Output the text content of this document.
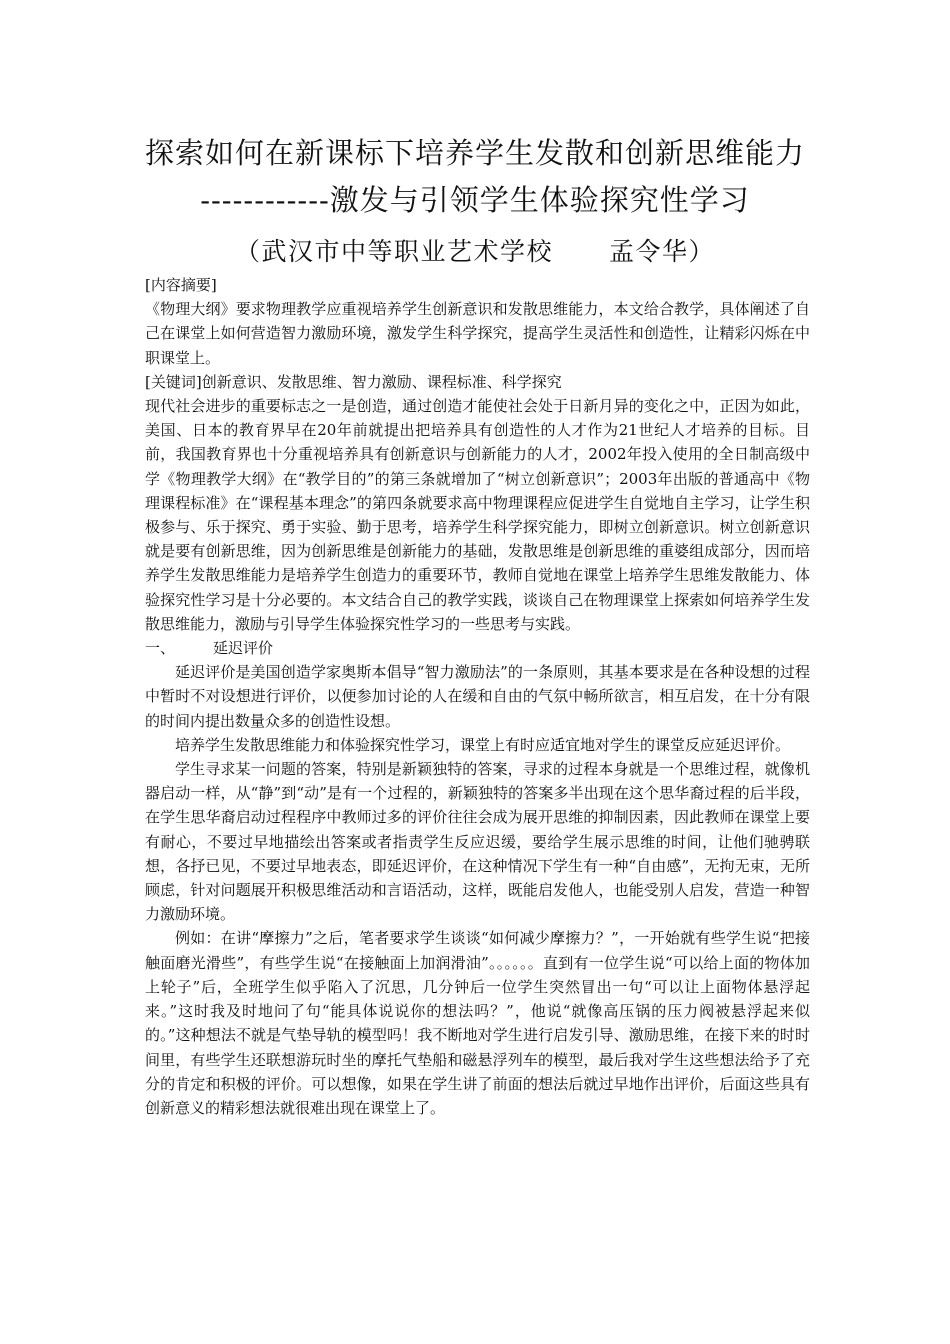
探索如何在新课标下培养学生发散和创新思维能力
------------激发与引领学生体验探究性学习
（武汉市中等职业艺术学校 孟令华）

[内容摘要]

《物理大纲》要求物理教学应重视培养学生创新意识和发散思维能力，本文给合教学，具体阐述了自己在课堂上如何营造智力激励环境，激发学生科学探究，提高学生灵活性和创造性，让精彩闪烁在中职课堂上。

[关键词]创新意识、发散思维、智力激励、课程标准、科学探究

现代社会进步的重要标志之一是创造，通过创造才能使社会处于日新月异的变化之中，正因为如此，美国、日本的教育界早在20年前就提出把培养具有创造性的人才作为21世纪人才培养的目标。目前，我国教育界也十分重视培养具有创新意识与创新能力的人才，2002年投入使用的全日制高级中学《物理教学大纲》在“教学目的”的第三条就增加了“树立创新意识”；2003年出版的普通高中《物理课程标准》在“课程基本理念”的第四条就要求高中物理课程应促进学生自觉地自主学习，让学生积极参与、乐于探究、勇于实验、勤于思考，培养学生科学探究能力，即树立创新意识。树立创新意识就是要有创新思维，因为创新思维是创新能力的基础，发散思维是创新思维的重婆组成部分，因而培养学生发散思维能力是培养学生创造力的重要环节，教师自觉地在课堂上培养学生思维发散能力、体验探究性学习是十分必要的。本文结合自己的教学实践，谈谈自己在物理课堂上探索如何培养学生发散思维能力，激励与引导学生体验探究性学习的一些思考与实践。

一、	延迟评价

延迟评价是美国创造学家奥斯本倡导“智力激励法”的一条原则，其基本要求是在各种设想的过程中暂时不对设想进行评价，以便参加讨论的人在缓和自由的气氛中畅所欲言，相互启发，在十分有限的时间内提出数量众多的创造性设想。

培养学生发散思维能力和体验探究性学习，课堂上有时应适宜地对学生的课堂反应延迟评价。

学生寻求某一问题的答案，特别是新颖独特的答案，寻求的过程本身就是一个思维过程，就像机器启动一样，从“静”到“动”是有一个过程的，新颖独特的答案多半出现在这个思华裔过程的后半段，在学生思华裔启动过程程序中教师过多的评价往往会成为展开思维的抑制因素，因此教师在课堂上要有耐心，不要过早地描绘出答案或者指责学生反应迟缓，要给学生展示思维的时间，让他们驰骋联想，各抒已见，不要过早地表态，即延迟评价，在这种情况下学生有一种“自由感”，无拘无束，无所顾虑，针对问题展开积极思维活动和言语活动，这样，既能启发他人，也能受别人启发，营造一种智力激励环境。

例如：在讲“摩擦力”之后，笔者要求学生谈谈“如何减少摩擦力？”，一开始就有些学生说“把接触面磨光滑些”，有些学生说“在接触面上加润滑油”。。。。。。直到有一位学生说“可以给上面的物体加上轮子”后，全班学生似乎陷入了沉思，几分钟后一位学生突然冒出一句“可以让上面物体悬浮起来。”这时我及时地问了句“能具体说说你的想法吗？”，他说“就像高压锅的压力阀被悬浮起来似的。”这种想法不就是气垫导轨的模型吗！我不断地对学生进行启发引导、激励思维，在接下来的时时间里，有些学生还联想游玩时坐的摩托气垫船和磁悬浮列车的模型，最后我对学生这些想法给予了充分的肯定和积极的评价。可以想像，如果在学生讲了前面的想法后就过早地作出评价，后面这些具有创新意义的精彩想法就很难出现在课堂上了。
